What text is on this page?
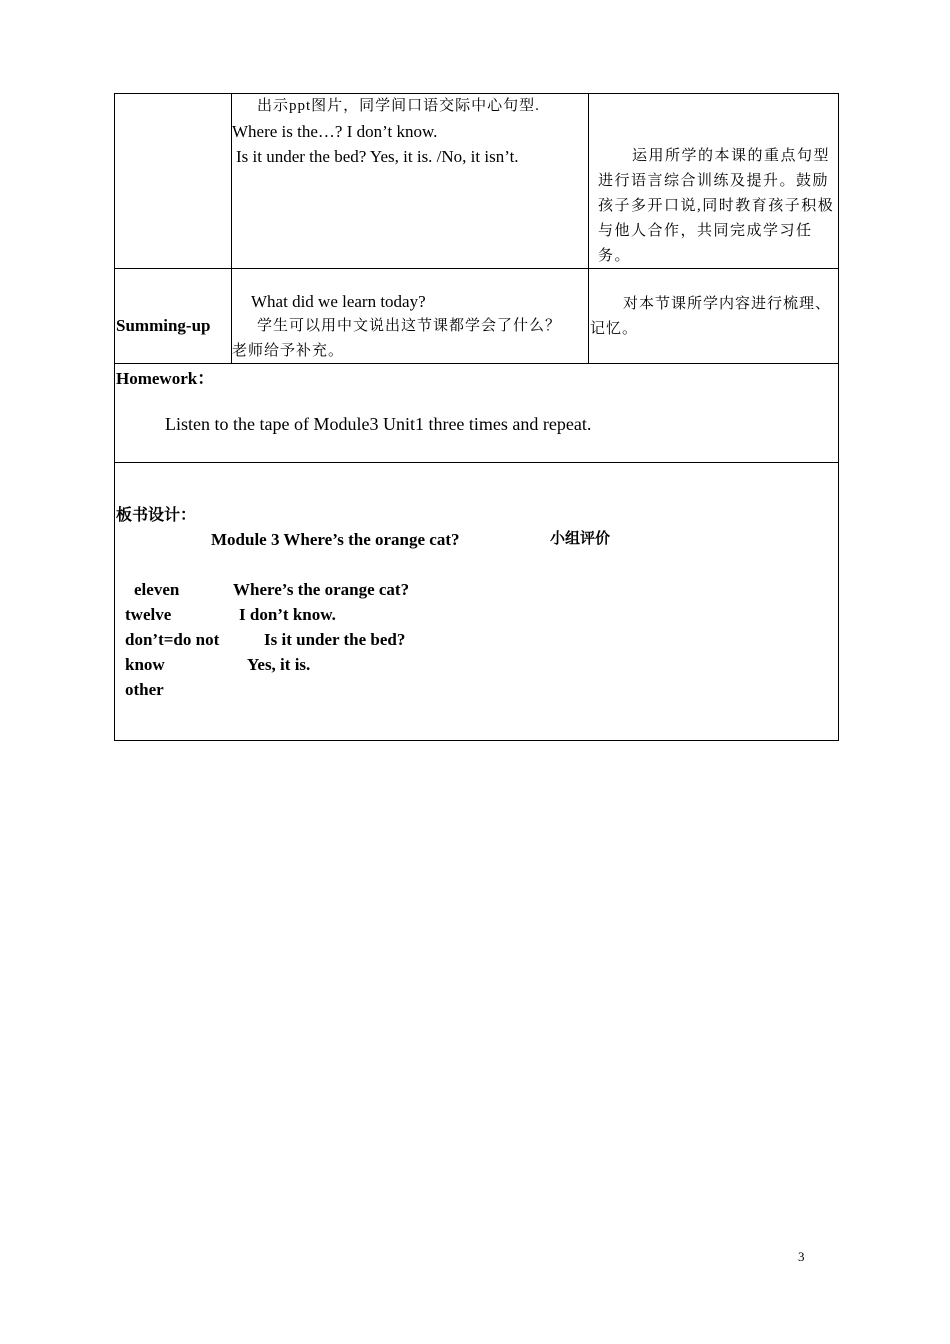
出示ppt图片，同学间口语交际中心句型.
Where is the…? I don’t know.
Is it under the bed? Yes, it is. /No, it isn’t.	运用所学的本课的重点句型进行语言综合训练及提升。鼓励孩子多开口说,同时教育孩子积极与他人合作，共同完成学习任务。
Summing-up
What did we learn today?
学生可以用中文说出这节课都学会了什么？
老师给予补充。
对本节课所学内容进行梳理、
记忆。
Homework：
Listen to the tape of Module3 Unit1 three times and repeat.
板书设计：
Module 3 Where’s the orange cat?	小组评价
eleven
twelve
don’t=do not
know
other
Where’s the orange cat?
I don’t know.
Is it under the bed?
Yes, it is.
3
